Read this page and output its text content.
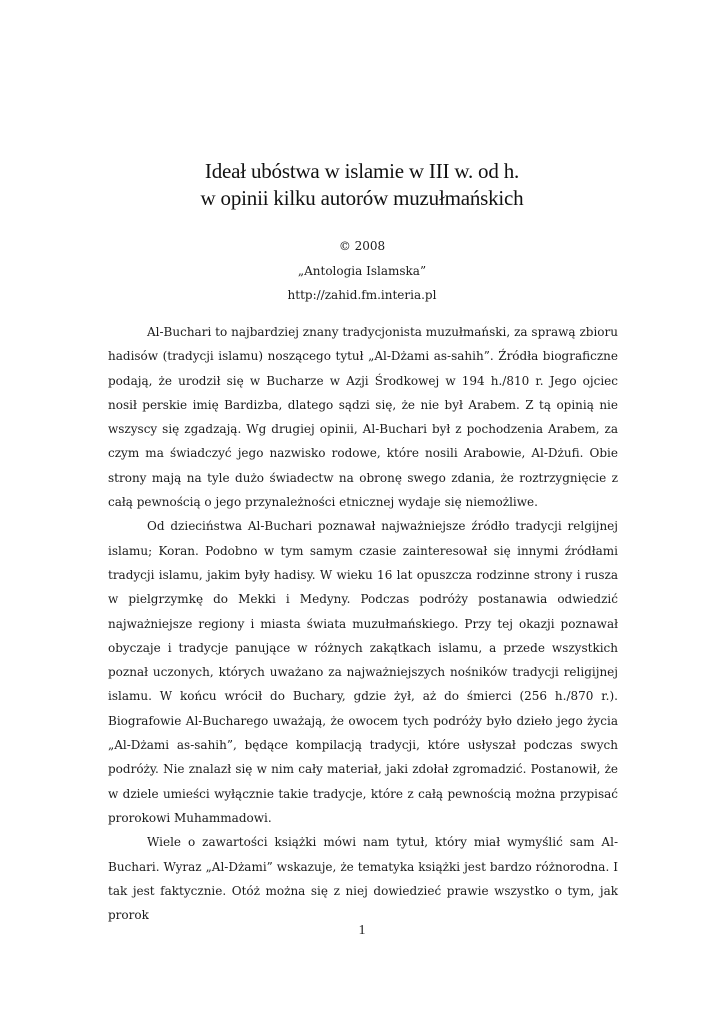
Ideał ubóstwa w islamie w III w. od h.
w opinii kilku autorów muzułmańskich
© 2008
„Antologia Islamska”
http://zahid.fm.interia.pl

Al-Buchari to najbardziej znany tradycjonista muzułmański, za sprawą zbioru hadisów (tradycji islamu) noszącego tytuł „Al-Dżami as-sahih”. Źródła biograficzne podają, że urodził się w Bucharze w Azji Środkowej w 194 h./810 r. Jego ojciec nosił perskie imię Bardizba, dlatego sądzi się, że nie był Arabem. Z tą opinią nie wszyscy się zgadzają. Wg drugiej opinii, Al-Buchari był z pochodzenia Arabem, za czym ma świadczyć jego nazwisko rodowe, które nosili Arabowie, Al-Dżufi. Obie strony mają na tyle dużo świadectw na obronę swego zdania, że roztrzygnięcie z całą pewnością o jego przynależności etnicznej wydaje się niemożliwe.

Od dzieciństwa Al-Buchari poznawał najważniejsze źródło tradycji relgijnej islamu; Koran. Podobno w tym samym czasie zainteresował się innymi źródłami tradycji islamu, jakim były hadisy. W wieku 16 lat opuszcza rodzinne strony i rusza w pielgrzymkę do Mekki i Medyny. Podczas podróży postanawia odwiedzić najważniejsze regiony i miasta świata muzułmańskiego. Przy tej okazji poznawał obyczaje i tradycje panujące w różnych zakątkach islamu, a przede wszystkich poznał uczonych, których uważano za najważniejszych nośników tradycji religijnej islamu. W końcu wrócił do Buchary, gdzie żył, aż do śmierci (256 h./870 r.). Biografowie Al-Bucharego uważają, że owocem tych podróży było dzieło jego życia „Al-Dżami as-sahih”, będące kompilacją tradycji, które usłyszał podczas swych podróży. Nie znalazł się w nim cały materiał, jaki zdołał zgromadzić. Postanowił, że w dziele umieści wyłącznie takie tradycje, które z całą pewnością można przypisać prorokowi Muhammadowi.

Wiele o zawartości książki mówi nam tytuł, który miał wymyślić sam Al-Buchari. Wyraz „Al-Dżami” wskazuje, że tematyka książki jest bardzo różnorodna. I tak jest faktycznie. Otóż można się z niej dowiedzieć prawie wszystko o tym, jak prorok

1
